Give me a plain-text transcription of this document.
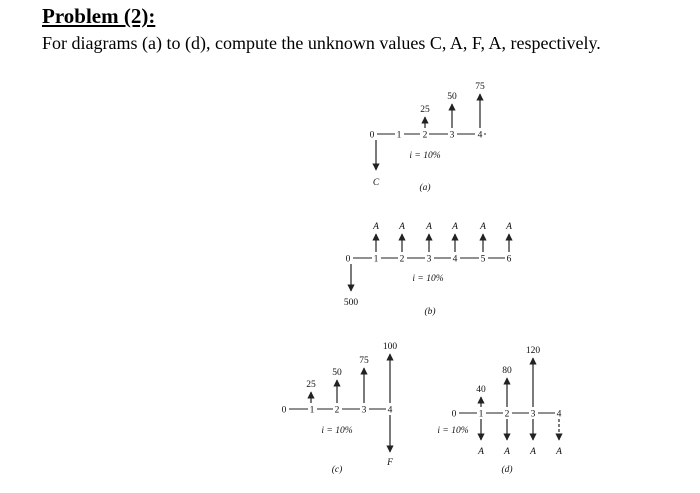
Problem (2):
For diagrams (a) to (d), compute the unknown values C, A, F, A, respectively.
0 1 2 3 4
C
25
50
75
i = 10%
(a)
0 1 2 3 4 5 6
500
A A A A A A
i = 10%
(b)
0 1 2 3 4
25
50
75
100
F
i = 10%
(c)
0 1 2 3 4
40
80
120
A A A A
i = 10%
(d)
